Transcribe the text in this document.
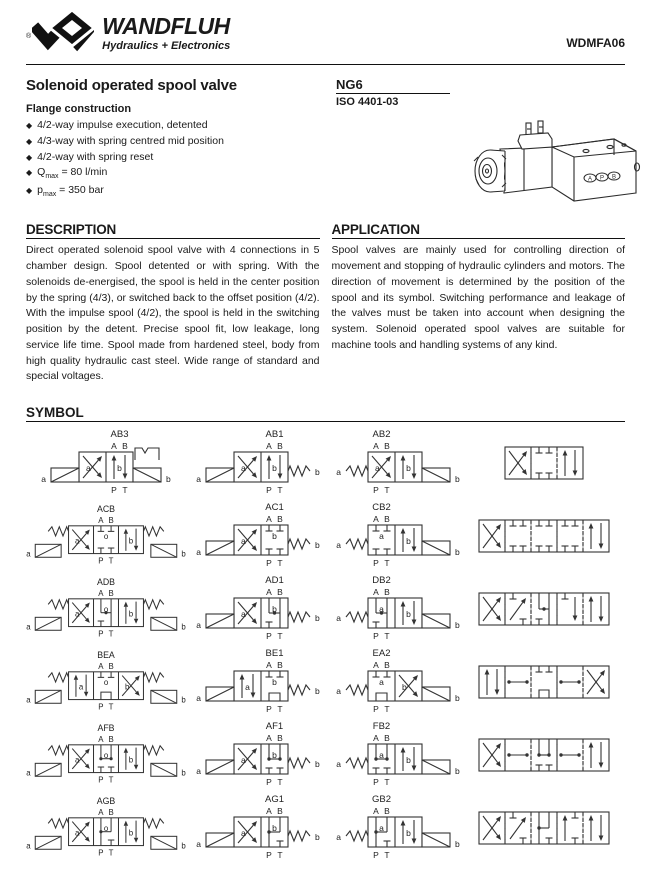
®	WANDFLUH
Hydraulics + Electronics	WDMFA06
Solenoid operated spool valve
Flange construction
◆ 4/2-way impulse execution, detented
◆ 4/3-way with spring centred mid position
◆ 4/2-way with spring reset
◆ $Q_{max} = 80$ l/min
◆ $p_{max} = 350$ bar
NG6
ISO 4401-03
A P B
DESCRIPTION
Direct operated solenoid spool valve with 4 connections in 5 chamber design. Spool detented or with spring. With the solenoids de-energised, the spool is held in the center position by the spring (4/3), or switched back to the offset position (4/2). With the impulse spool (4/2), the spool is held in the switching position by the detent. Precise spool fit, low leakage, long service life time. Spool made from hardened steel, body from high quality hydraulic cast steel. Wide range of standard and special voltages.
APPLICATION
Spool valves are mainly used for controlling direction of movement and stopping of hydraulic cylinders and motors. The direction of movement is determined by the position of the spool and its symbol. Switching performance and leakage of the valves must be taken into account when designing the system. Solenoid operated spool valves are suitable for machine tools and handling systems of any kind.
SYMBOL
a	b
A B
P T
AB3
a	b
a	b
A B
P T
AB1
a
b	a	b
A B
P T
AB2
a
b
a
o
b
A B
P T
ACB
a	b
a	b
A B
P T
AC1
a
b
a	b
A B
P T
CB2
a
b
a
o
b
A B
P T
ADB
a	b
a	b
A B
P T
AD1
a
b
a	b
A B
P T
DB2
a
b
a
o
b
A B
P T
BEA
a	b
a	b
A B
P T
BE1
a
b
a b
A B
P T
EA2
a
b
a
o
b
A B
P T
AFB
a	b
a	b
A B
P T
AF1
a
b
a	b
A B
P T
FB2
a
b
a
o
b
A B
P T
AGB
a	b
a	b
A B
P T
AG1
a
b
a	b
A B
P T
GB2
a
b
